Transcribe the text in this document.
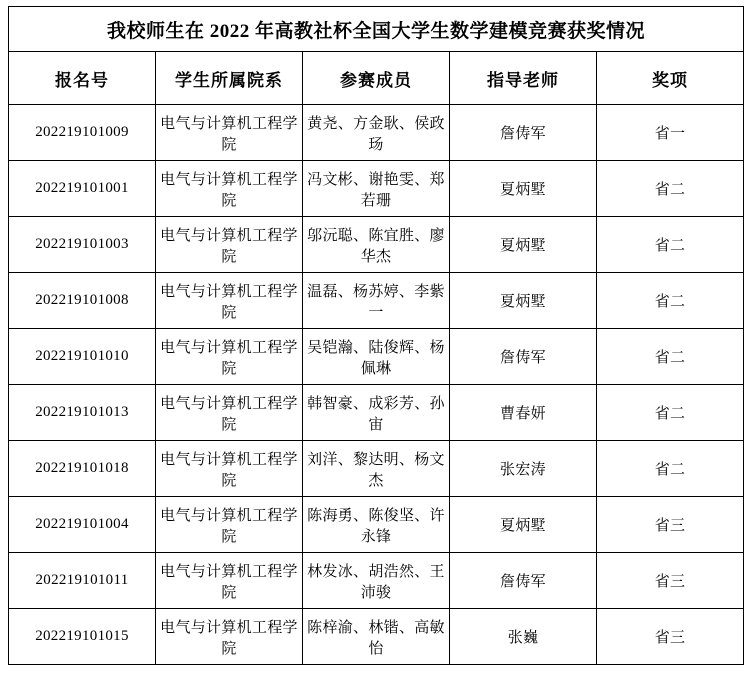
我校师生在 2022 年高教社杯全国大学生数学建模竞赛获奖情况				
报名号	学生所属院系	参赛成员	指导老师	奖项
202219101009	电气与计算机工程学院	黄尧、方金耿、侯政玚	詹俦军	省一
202219101001	电气与计算机工程学院	冯文彬、谢艳雯、郑若珊	夏炳墅	省二
202219101003	电气与计算机工程学院	邬沅聪、陈宜胜、廖华杰	夏炳墅	省二
202219101008	电气与计算机工程学院	温磊、杨苏婷、李紫一	夏炳墅	省二
202219101010	电气与计算机工程学院	吴铠瀚、陆俊辉、杨佩琳	詹俦军	省二
202219101013	电气与计算机工程学院	韩智豪、成彩芳、孙宙	曹春妍	省二
202219101018	电气与计算机工程学院	刘洋、黎达明、杨文杰	张宏涛	省二
202219101004	电气与计算机工程学院	陈海勇、陈俊坚、许永锋	夏炳墅	省三
202219101011	电气与计算机工程学院	林发冰、胡浩然、王沛骏	詹俦军	省三
202219101015	电气与计算机工程学院	陈梓渝、林锴、高敏怡	张巍	省三
